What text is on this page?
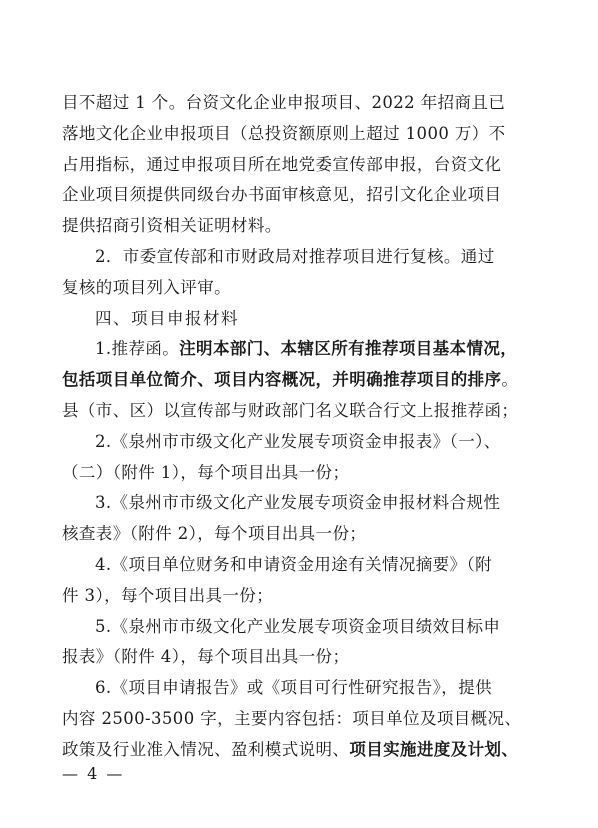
目不超过 1 个。台资文化企业申报项目、2022 年招商且已
落地文化企业申报项目（总投资额原则上超过 1000 万）不
占用指标，通过申报项目所在地党委宣传部申报，台资文化
企业项目须提供同级台办书面审核意见，招引文化企业项目
提供招商引资相关证明材料。
2．市委宣传部和市财政局对推荐项目进行复核。通过
复核的项目列入评审。
四、项目申报材料
1.推荐函。注明本部门、本辖区所有推荐项目基本情况，
包括项目单位简介、项目内容概况，并明确推荐项目的排序。
县（市、区）以宣传部与财政部门名义联合行文上报推荐函；
2.《泉州市市级文化产业发展专项资金申报表》（一）、
（二）（附件 1），每个项目出具一份；
3.《泉州市市级文化产业发展专项资金申报材料合规性
核查表》（附件 2），每个项目出具一份；
4.《项目单位财务和申请资金用途有关情况摘要》（附
件 3），每个项目出具一份；
5.《泉州市市级文化产业发展专项资金项目绩效目标申
报表》（附件 4），每个项目出具一份；
6.《项目申请报告》或《项目可行性研究报告》，提供
内容 2500-3500 字，主要内容包括：项目单位及项目概况、
政策及行业准入情况、盈利模式说明、项目实施进度及计划、
— 4 —
